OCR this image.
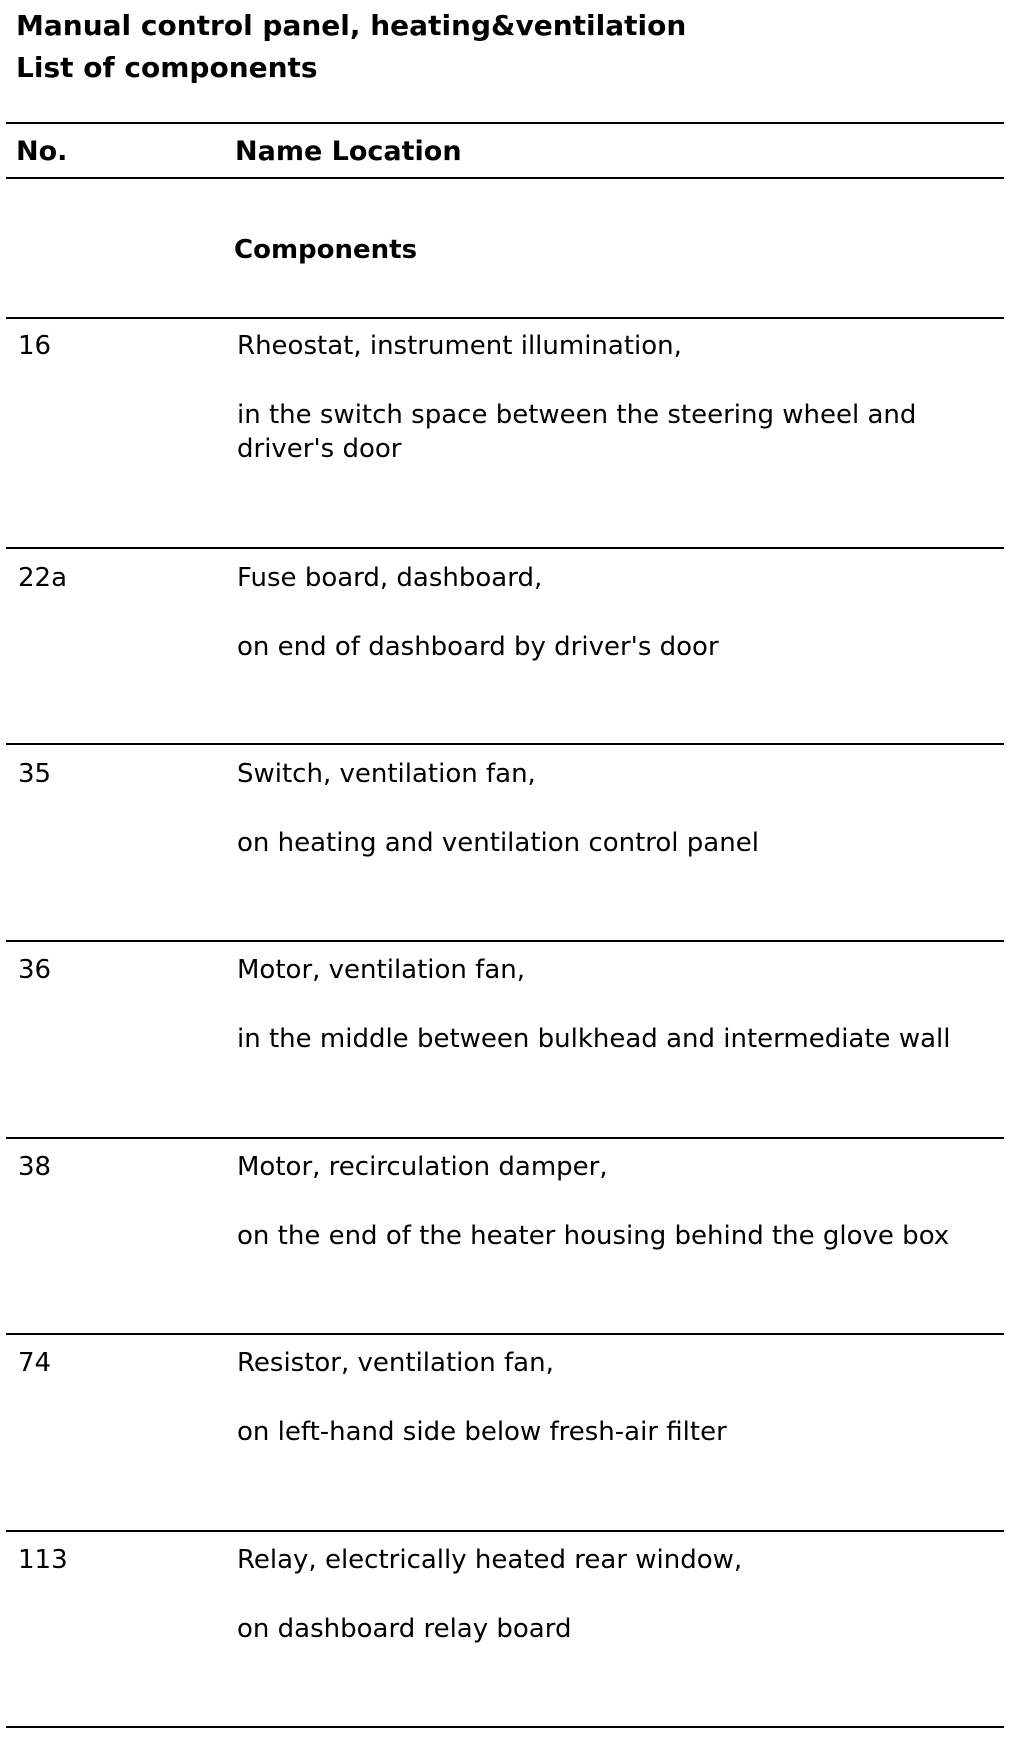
Manual control panel, heating&ventilation
List of components
No.	Name Location
Components
16	Rheostat, instrument illumination,
in the switch space between the steering wheel and driver's door
22a	Fuse board, dashboard,
on end of dashboard by driver's door
35	Switch, ventilation fan,
on heating and ventilation control panel
36	Motor, ventilation fan,
in the middle between bulkhead and intermediate wall
38	Motor, recirculation damper,
on the end of the heater housing behind the glove box
74	Resistor, ventilation fan,
on left-hand side below fresh-air filter
113	Relay, electrically heated rear window,
on dashboard relay board
